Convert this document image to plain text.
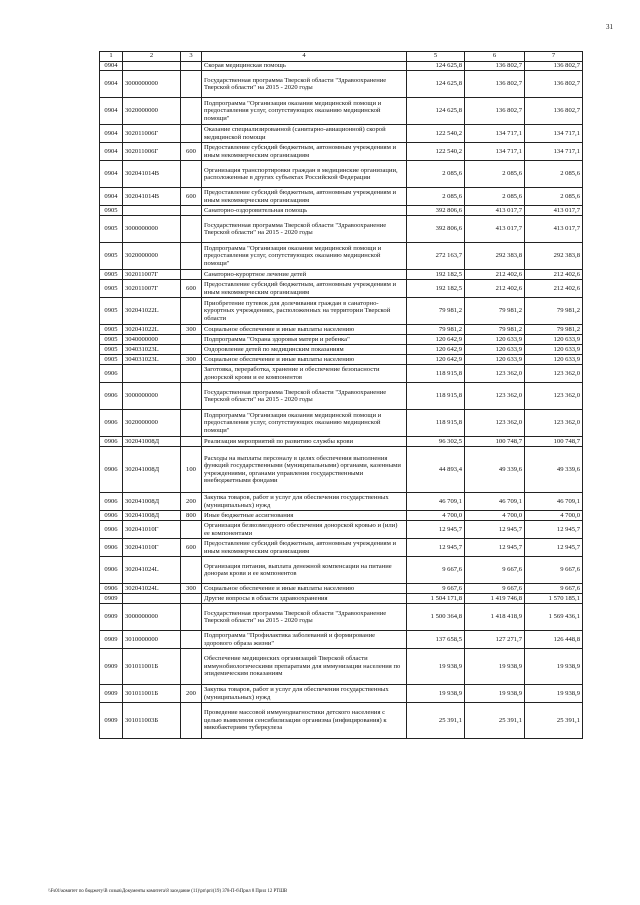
31
1	2	3	4	5	6	7
0904			Скорая медицинская помощь	124 625,8	136 802,7	136 802,7
0904	3000000000		Государственная программа Тверской области "Здравоохранение Тверской области" на 2015 - 2020 годы	124 625,8	136 802,7	136 802,7
0904	3020000000		Подпрограмма "Организация оказания медицинской помощи и предоставления услуг, сопутствующих оказанию медицинской помощи"	124 625,8	136 802,7	136 802,7
0904	302011006Г		Оказание специализированной (санитарно-авиационной) скорой медицинской помощи	122 540,2	134 717,1	134 717,1
0904	302011006Г	600	Предоставление субсидий бюджетным, автономным учреждениям и иным некоммерческим организациям	122 540,2	134 717,1	134 717,1
0904	302041014В		Организация транспортировки граждан в медицинские организации, расположенные в других субъектах Российской Федерации	2 085,6	2 085,6	2 085,6
0904	302041014В	600	Предоставление субсидий бюджетным, автономным учреждениям и иным некоммерческим организациям	2 085,6	2 085,6	2 085,6
0905			Санаторно-оздоровительная помощь	392 806,6	413 017,7	413 017,7
0905	3000000000		Государственная программа Тверской области "Здравоохранение Тверской области" на 2015 - 2020 годы	392 806,6	413 017,7	413 017,7
0905	3020000000		Подпрограмма "Организация оказания медицинской помощи и предоставления услуг, сопутствующих оказанию медицинской помощи"	272 163,7	292 383,8	292 383,8
0905	302011007Г		Санаторно-курортное лечение детей	192 182,5	212 402,6	212 402,6
0905	302011007Г	600	Предоставление субсидий бюджетным, автономным учреждениям и иным некоммерческим организациям	192 182,5	212 402,6	212 402,6
0905	302041022L		Приобретение путевок для долечивания граждан в санаторно-курортных учреждениях, расположенных на территории Тверской области	79 981,2	79 981,2	79 981,2
0905	302041022L	300	Социальное обеспечение и иные выплаты населению	79 981,2	79 981,2	79 981,2
0905	3040000000		Подпрограмма "Охрана здоровья матери и ребенка"	120 642,9	120 633,9	120 633,9
0905	304031023L		Оздоровление детей по медицинским показаниям	120 642,9	120 633,9	120 633,9
0905	304031023L	300	Социальное обеспечение и иные выплаты населению	120 642,9	120 633,9	120 633,9
0906			Заготовка, переработка, хранение и обеспечение безопасности донорской крови и ее компонентов	118 915,8	123 362,0	123 362,0
0906	3000000000		Государственная программа Тверской области "Здравоохранение Тверской области" на 2015 - 2020 годы	118 915,8	123 362,0	123 362,0
0906	3020000000		Подпрограмма "Организация оказания медицинской помощи и предоставления услуг, сопутствующих оказанию медицинской помощи"	118 915,8	123 362,0	123 362,0
0906	302041008Д		Реализация мероприятий по развитию службы крови	96 302,5	100 748,7	100 748,7
0906	302041008Д	100	Расходы на выплаты персоналу в целях обеспечения выполнения функций государственными (муниципальными) органами, казенными учреждениями, органами управления государственными внебюджетными фондами	44 893,4	49 339,6	49 339,6
0906	302041008Д	200	Закупка товаров, работ и услуг для обеспечения государственных (муниципальных) нужд	46 709,1	46 709,1	46 709,1
0906	302041008Д	800	Иные бюджетные ассигнования	4 700,0	4 700,0	4 700,0
0906	302041010Г		Организация безвозмездного обеспечения донорской кровью и (или) ее компонентами	12 945,7	12 945,7	12 945,7
0906	302041010Г	600	Предоставление субсидий бюджетным, автономным учреждениям и иным некоммерческим организациям	12 945,7	12 945,7	12 945,7
0906	302041024L		Организация питания, выплата денежной компенсации на питание донорам крови и ее компонентов	9 667,6	9 667,6	9 667,6
0906	302041024L	300	Социальное обеспечение и иные выплаты населению	9 667,6	9 667,6	9 667,6
0909			Другие вопросы в области здравоохранения	1 504 171,8	1 419 746,8	1 570 185,1
0909	3000000000		Государственная программа Тверской области "Здравоохранение Тверской области" на 2015 - 2020 годы	1 500 364,8	1 418 418,9	1 569 436,1
0909	3010000000		Подпрограмма "Профилактика заболеваний и формирование здорового образа жизни"	137 658,5	127 271,7	126 448,8
0909	301011001Б		Обеспечение медицинских организаций Тверской области иммунобиологическими препаратами для иммунизации населения по эпидемическим показаниям	19 938,9	19 938,9	19 938,9
0909	301011001Б	200	Закупка товаров, работ и услуг для обеспечения государственных (муниципальных) нужд	19 938,9	19 938,9	19 938,9
0909	301011003Б		Проведение массовой иммунодиагностики детского населения с целью выявления сенсибилизации организма (инфицирования) к микобактериям туберкулеза	25 391,1	25 391,1	25 391,1
\\Fs01\комитет по бюджету\В созыв\Документы комитета\8 заседание (11)\рп\рп\(19) 378-П-6\Прил 8 Прил 12 РТШВ
